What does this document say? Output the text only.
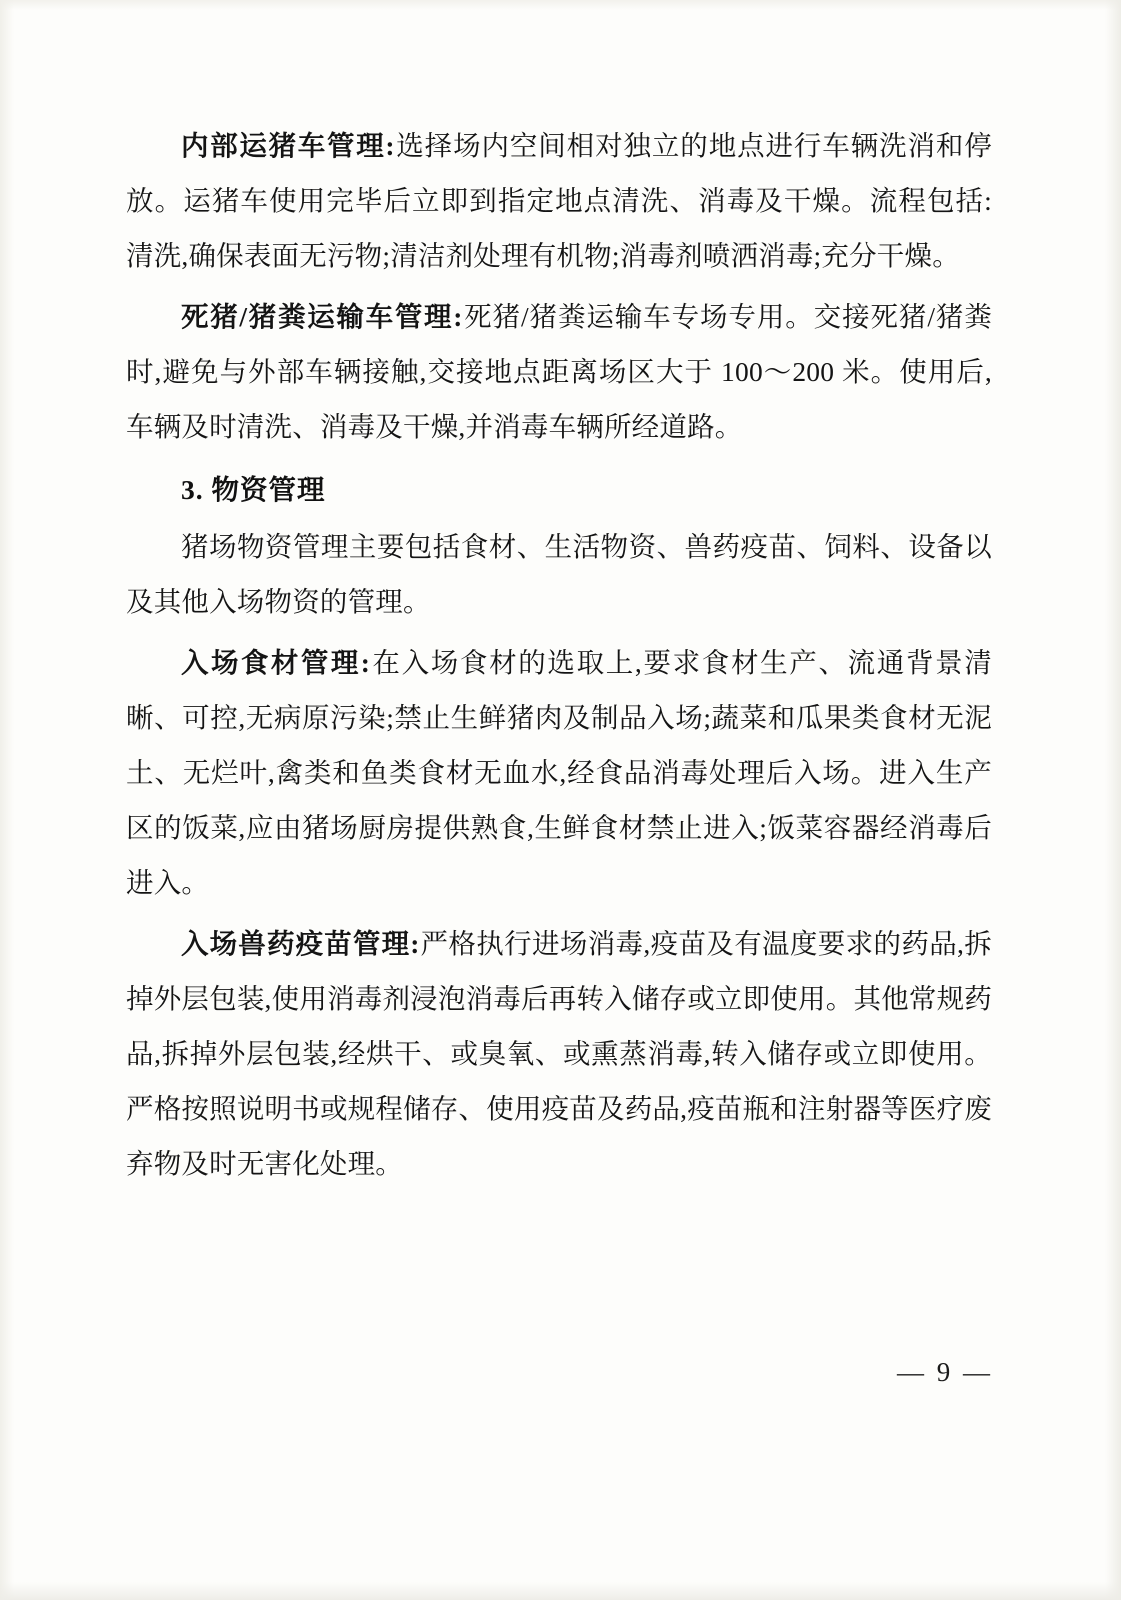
内部运猪车管理:选择场内空间相对独立的地点进行车辆洗消和停放。运猪车使用完毕后立即到指定地点清洗、消毒及干燥。流程包括:清洗,确保表面无污物;清洁剂处理有机物;消毒剂喷洒消毒;充分干燥。

死猪/猪粪运输车管理:死猪/猪粪运输车专场专用。交接死猪/猪粪时,避免与外部车辆接触,交接地点距离场区大于 100～200 米。使用后,车辆及时清洗、消毒及干燥,并消毒车辆所经道路。

3. 物资管理

猪场物资管理主要包括食材、生活物资、兽药疫苗、饲料、设备以及其他入场物资的管理。

入场食材管理:在入场食材的选取上,要求食材生产、流通背景清晰、可控,无病原污染;禁止生鲜猪肉及制品入场;蔬菜和瓜果类食材无泥土、无烂叶,禽类和鱼类食材无血水,经食品消毒处理后入场。进入生产区的饭菜,应由猪场厨房提供熟食,生鲜食材禁止进入;饭菜容器经消毒后进入。

入场兽药疫苗管理:严格执行进场消毒,疫苗及有温度要求的药品,拆掉外层包装,使用消毒剂浸泡消毒后再转入储存或立即使用。其他常规药品,拆掉外层包装,经烘干、或臭氧、或熏蒸消毒,转入储存或立即使用。严格按照说明书或规程储存、使用疫苗及药品,疫苗瓶和注射器等医疗废弃物及时无害化处理。

— 9 —
